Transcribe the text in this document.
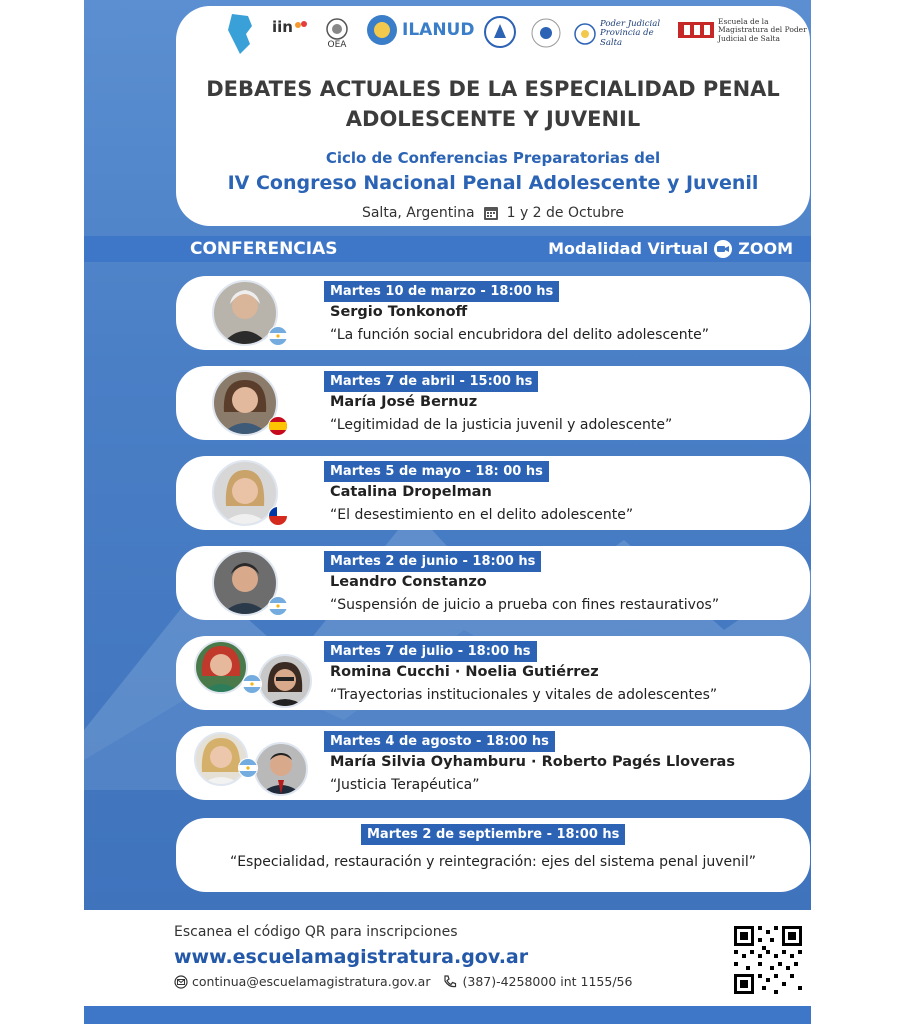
iin
OEA
ILANUD	Poder Judicial Provincia de Salta
Escuela de la Magistratura del Poder Judicial de Salta
DEBATES ACTUALES DE LA ESPECIALIDAD PENAL
ADOLESCENTE Y JUVENIL
Ciclo de Conferencias Preparatorias del
IV Congreso Nacional Penal Adolescente y Juvenil
Salta, Argentina 1 y 2 de Octubre
CONFERENCIAS	Modalidad Virtual ZOOM
Martes 10 de marzo - 18:00 hs
Sergio Tonkonoff
“La función social encubridora del delito adolescente”
Martes 7 de abril - 15:00 hs
María José Bernuz
“Legitimidad de la justicia juvenil y adolescente”
Martes 5 de mayo - 18: 00 hs
Catalina Dropelman
“El desestimiento en el delito adolescente”
Martes 2 de junio - 18:00 hs
Leandro Constanzo
“Suspensión de juicio a prueba con fines restaurativos”
Martes 7 de julio - 18:00 hs
Romina Cucchi · Noelia Gutiérrez
“Trayectorias institucionales y vitales de adolescentes”
Martes 4 de agosto - 18:00 hs
María Silvia Oyhamburu · Roberto Pagés Lloveras
“Justicia Terapéutica”
Martes 2 de septiembre - 18:00 hs
“Especialidad, restauración y reintegración: ejes del sistema penal juvenil”
Escanea el código QR para inscripciones
www.escuelamagistratura.gov.ar
continua@escuelamagistratura.gov.ar	(387)-4258000 int 1155/56
